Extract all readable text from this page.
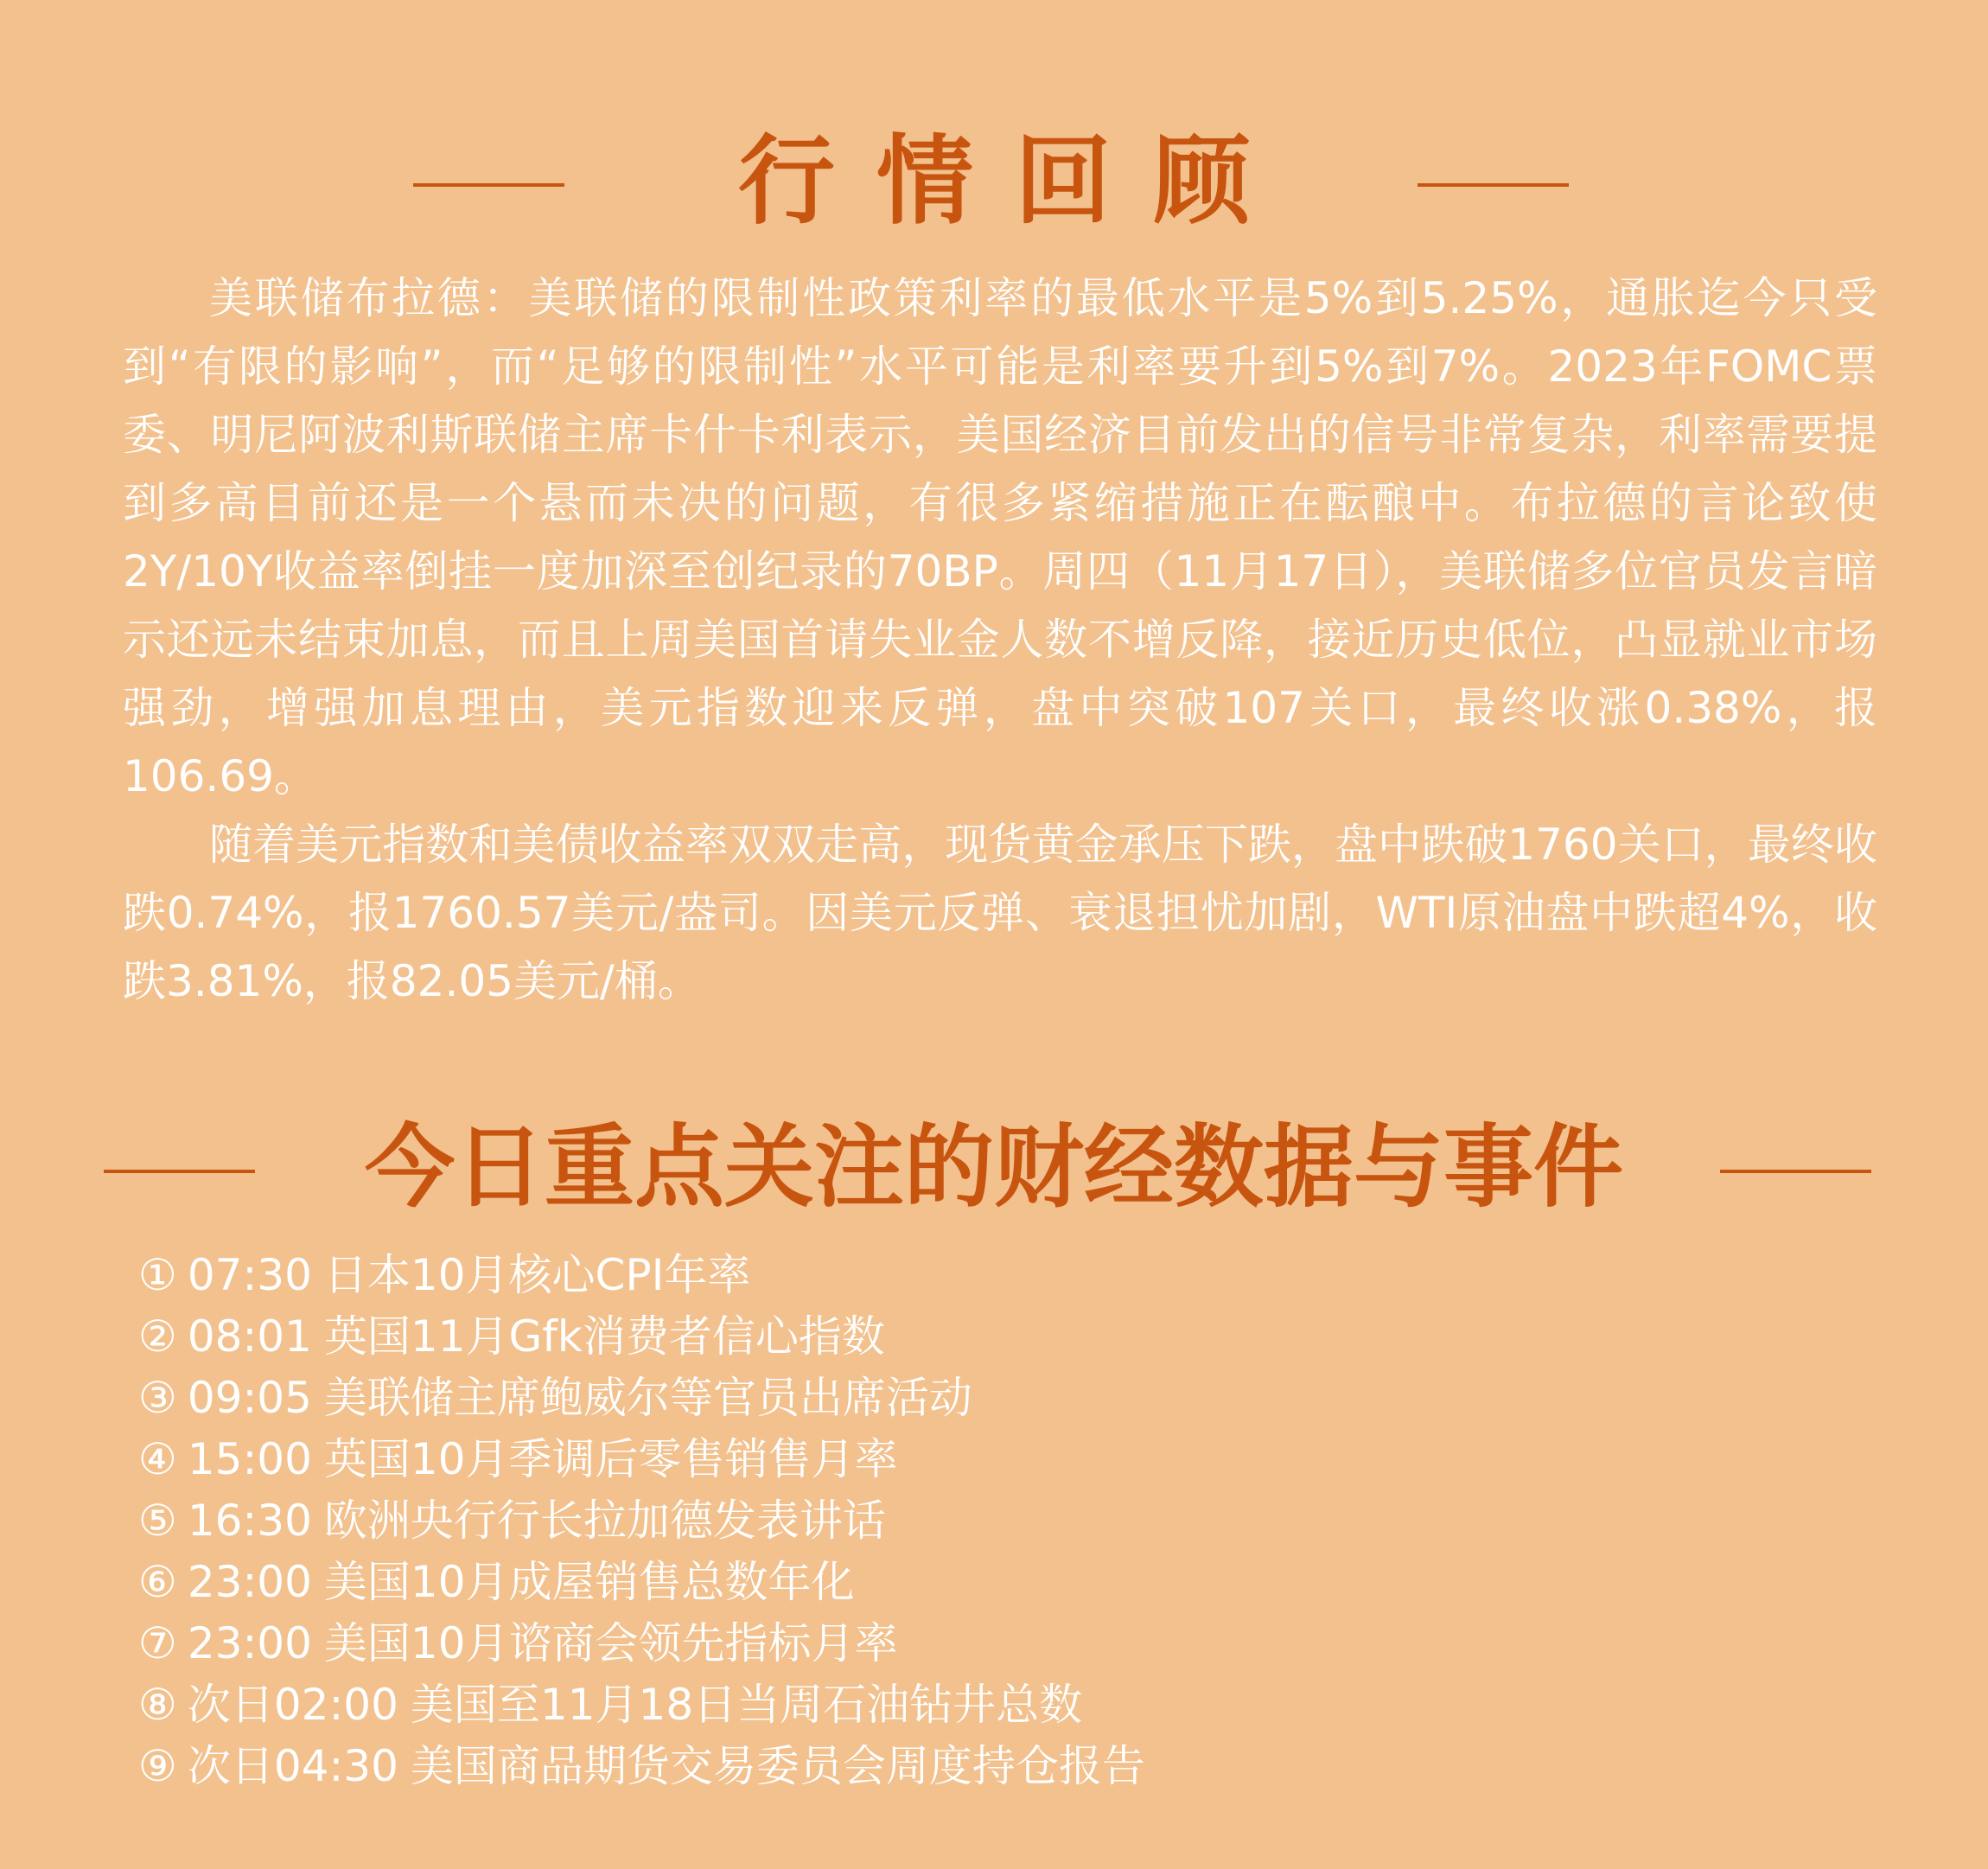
行情回顾

美联储布拉德：美联储的限制性政策利率的最低水平是5%到5.25%，通胀迄今只受到“有限的影响”，而“足够的限制性”水平可能是利率要升到5%到7%。2023年FOMC票委、明尼阿波利斯联储主席卡什卡利表示，美国经济目前发出的信号非常复杂，利率需要提到多高目前还是一个悬而未决的问题，有很多紧缩措施正在酝酿中。布拉德的言论致使2Y/10Y收益率倒挂一度加深至创纪录的70BP。周四（11月17日），美联储多位官员发言暗示还远未结束加息，而且上周美国首请失业金人数不增反降，接近历史低位，凸显就业市场强劲，增强加息理由，美元指数迎来反弹，盘中突破107关口，最终收涨0.38%，报106.69。

随着美元指数和美债收益率双双走高，现货黄金承压下跌，盘中跌破1760关口，最终收跌0.74%，报1760.57美元/盎司。因美元反弹、衰退担忧加剧，WTI原油盘中跌超4%，收跌3.81%，报82.05美元/桶。

今日重点关注的财经数据与事件
① 07:30 日本10月核心CPI年率
② 08:01 英国11月Gfk消费者信心指数
③ 09:05 美联储主席鲍威尔等官员出席活动
④ 15:00 英国10月季调后零售销售月率
⑤ 16:30 欧洲央行行长拉加德发表讲话
⑥ 23:00 美国10月成屋销售总数年化
⑦ 23:00 美国10月谘商会领先指标月率
⑧ 次日02:00 美国至11月18日当周石油钻井总数
⑨ 次日04:30 美国商品期货交易委员会周度持仓报告
